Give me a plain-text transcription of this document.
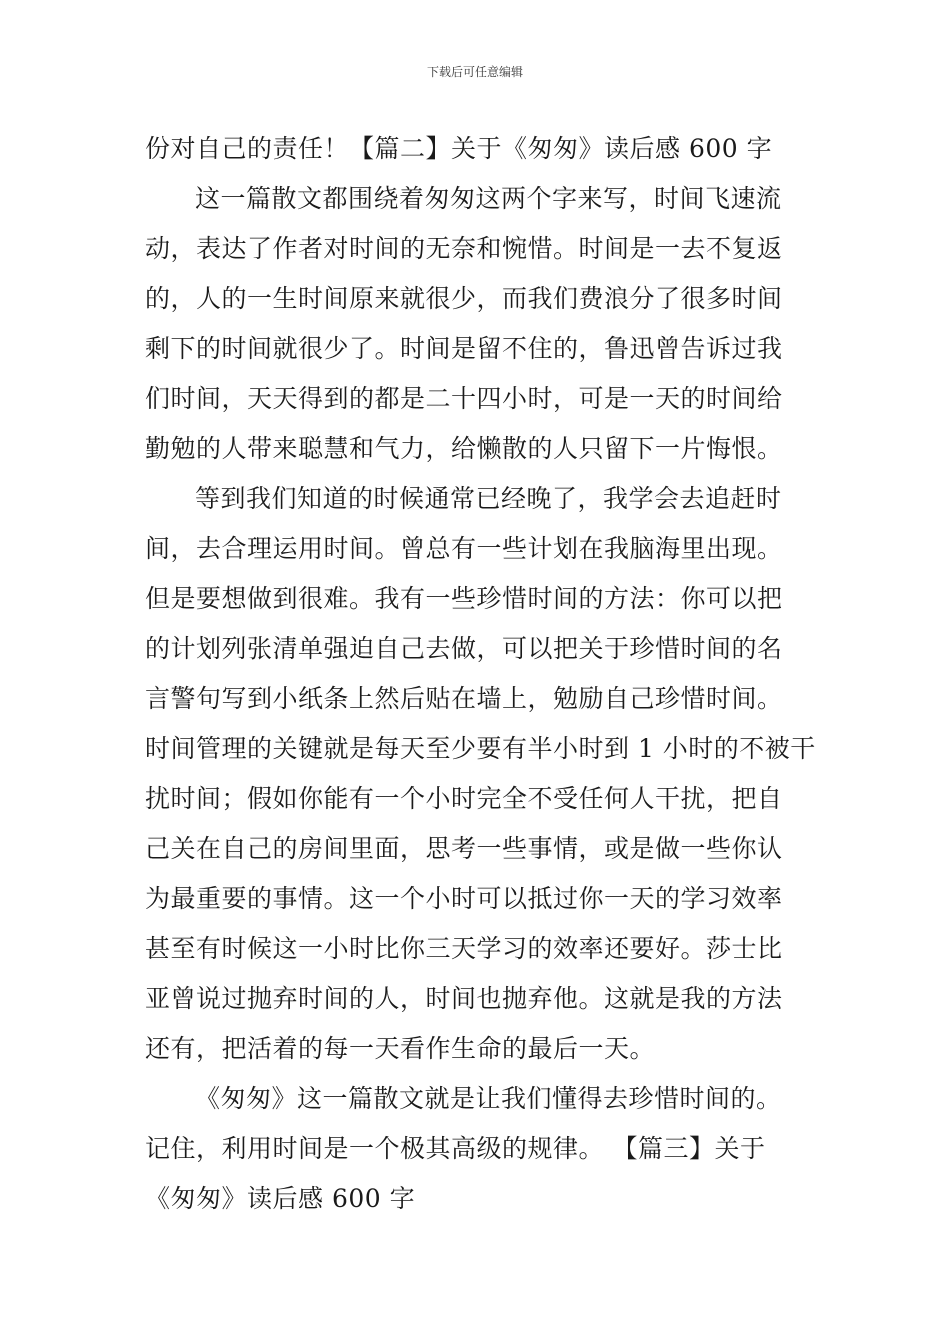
下载后可任意编辑
份对自己的责任！【篇二】关于《匆匆》读后感 600 字
这一篇散文都围绕着匆匆这两个字来写，时间飞速流
动，表达了作者对时间的无奈和惋惜。时间是一去不复返
的，人的一生时间原来就很少，而我们费浪分了很多时间
剩下的时间就很少了。时间是留不住的，鲁迅曾告诉过我
们时间，天天得到的都是二十四小时，可是一天的时间给
勤勉的人带来聪慧和气力，给懒散的人只留下一片悔恨。
等到我们知道的时候通常已经晚了，我学会去追赶时
间，去合理运用时间。曾总有一些计划在我脑海里出现。
但是要想做到很难。我有一些珍惜时间的方法：你可以把
的计划列张清单强迫自己去做，可以把关于珍惜时间的名
言警句写到小纸条上然后贴在墙上，勉励自己珍惜时间。
时间管理的关键就是每天至少要有半小时到 1 小时的不被干
扰时间；假如你能有一个小时完全不受任何人干扰，把自
己关在自己的房间里面，思考一些事情，或是做一些你认
为最重要的事情。这一个小时可以抵过你一天的学习效率
甚至有时候这一小时比你三天学习的效率还要好。莎士比
亚曾说过抛弃时间的人，时间也抛弃他。这就是我的方法
还有，把活着的每一天看作生命的最后一天。
《匆匆》这一篇散文就是让我们懂得去珍惜时间的。
记住，利用时间是一个极其高级的规律。 【篇三】关于
《匆匆》读后感 600 字
